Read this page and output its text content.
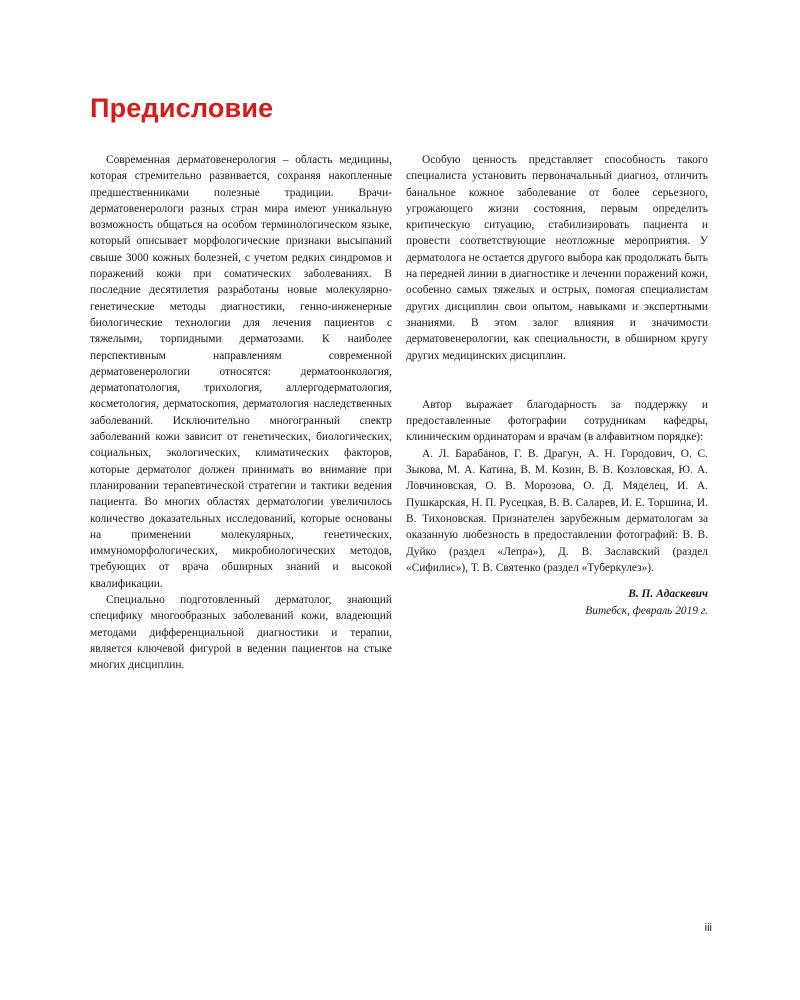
Предисловие

Современная дерматовенерология – область медицины, которая стремительно развивается, сохраняя накопленные предшественниками полезные традиции. Врачи-дерматовенерологи разных стран мира имеют уникальную возможность общаться на особом терминологическом языке, который описывает морфологические признаки высыпаний свыше 3000 кожных болезней, с учетом редких синдромов и поражений кожи при соматических заболеваниях. В последние десятилетия разработаны новые молекулярно-генетические методы диагностики, генно-инженерные биологические технологии для лечения пациентов с тяжелыми, торпидными дерматозами. К наиболее перспективным направлениям современной дерматовенерологии относятся: дерматоонкология, дерматопатология, трихология, аллергодерматология, косметология, дерматоскопия, дерматология наследственных заболеваний. Исключительно многогранный спектр заболеваний кожи зависит от генетических, биологических, социальных, экологических, климатических факторов, которые дерматолог должен принимать во внимание при планировании терапевтической стратегии и тактики ведения пациента. Во многих областях дерматологии увеличилось количество доказательных исследований, которые основаны на применении молекулярных, генетических, иммуноморфологических, микробиологических методов, требующих от врача обширных знаний и высокой квалификации.

Специально подготовленный дерматолог, знающий специфику многообразных заболеваний кожи, владеющий методами дифференциальной диагностики и терапии, является ключевой фигурой в ведении пациентов на стыке многих дисциплин.

Особую ценность представляет способность такого специалиста установить первоначальный диагноз, отличить банальное кожное заболевание от более серьезного, угрожающего жизни состояния, первым определить критическую ситуацию, стабилизировать пациента и провести соответствующие неотложные мероприятия. У дерматолога не остается другого выбора как продолжать быть на передней линии в диагностике и лечении поражений кожи, особенно самых тяжелых и острых, помогая специалистам других дисциплин свои опытом, навыками и экспертными знаниями. В этом залог влияния и значимости дерматовенерологии, как специальности, в обширном кругу других медицинских дисциплин.

Автор выражает благодарность за поддержку и предоставленные фотографии сотрудникам кафедры, клиническим ординаторам и врачам (в алфавитном порядке):

А. Л. Барабанов, Г. В. Драгун, А. Н. Городович, О. С. Зыкова, М. А. Катина, В. М. Козин, В. В. Козловская, Ю. А. Ловчиновская, О. В. Морозова, О. Д. Мяделец, И. А. Пушкарская, Н. П. Русецкая, В. В. Саларев, И. Е. Торшина, И. В. Тихоновская. Признателен зарубежным дерматологам за оказанную любезность в предоставлении фотографий: В. В. Дуйко (раздел «Лепра»), Д. В. Заславский (раздел «Сифилис»), Т. В. Святенко (раздел «Туберкулез»).

В. П. Адаскевич
Витебск, февраль 2019 г.
iii
